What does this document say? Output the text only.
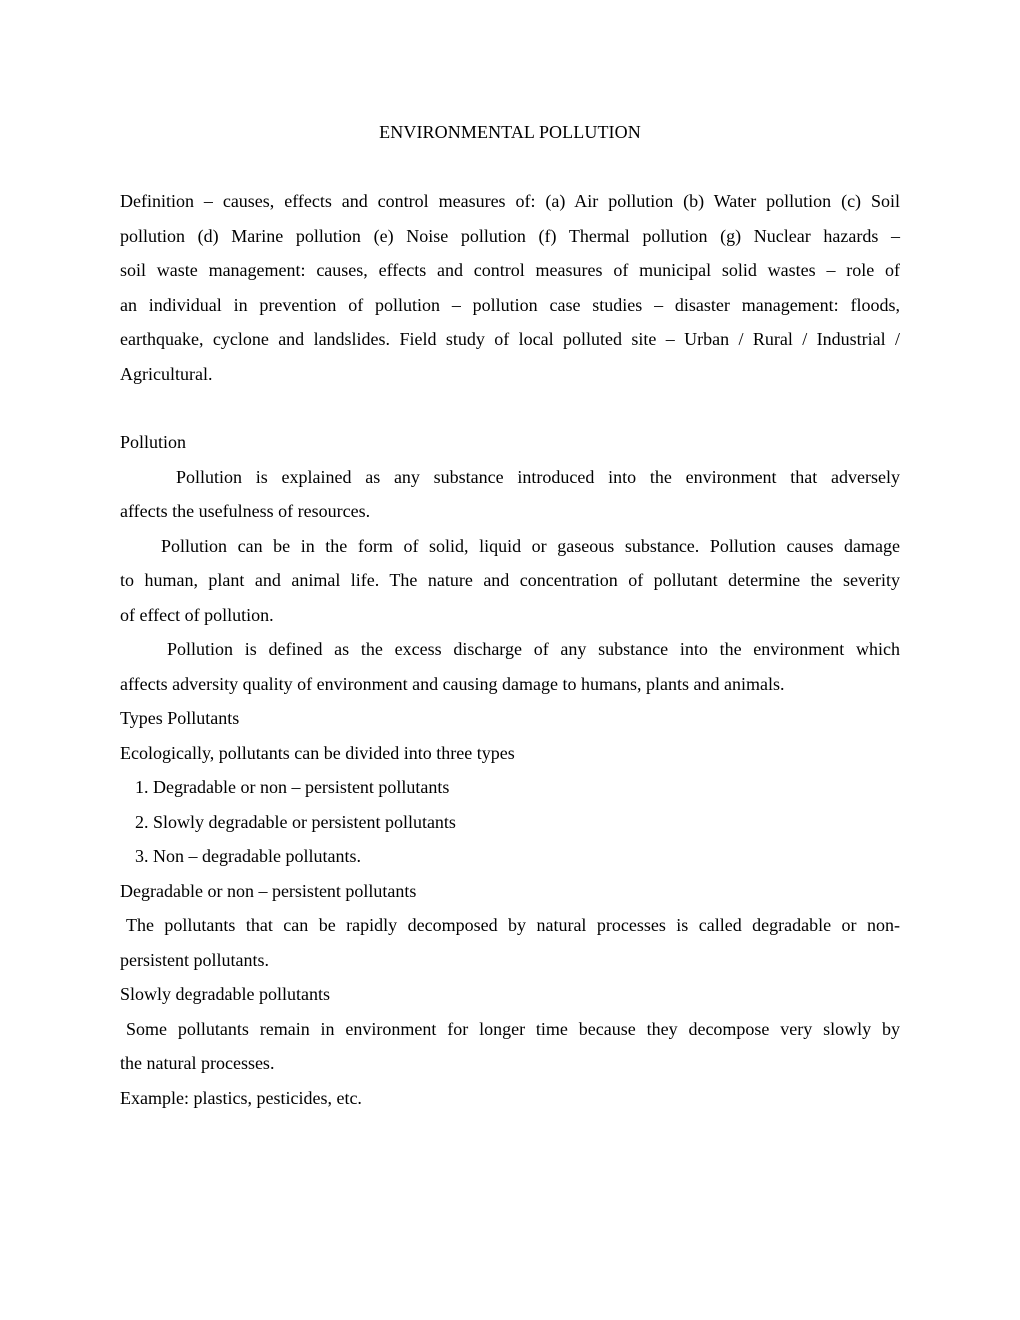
ENVIRONMENTAL POLLUTION
Definition – causes, effects and control measures of: (a) Air pollution (b) Water pollution (c) Soil
pollution (d) Marine pollution (e) Noise pollution (f) Thermal pollution (g) Nuclear hazards –
soil waste management: causes, effects and control measures of municipal solid wastes – role of
an individual in prevention of pollution – pollution case studies – disaster management: floods,
earthquake, cyclone and landslides. Field study of local polluted site – Urban / Rural / Industrial /
Agricultural.
Pollution
Pollution is explained as any substance introduced into the environment that adversely
affects the usefulness of resources.
Pollution can be in the form of solid, liquid or gaseous substance. Pollution causes damage
to human, plant and animal life. The nature and concentration of pollutant determine the severity
of effect of pollution.
Pollution is defined as the excess discharge of any substance into the environment which
affects adversity quality of environment and causing damage to humans, plants and animals.
Types Pollutants
Ecologically, pollutants can be divided into three types
1. Degradable or non – persistent pollutants
2. Slowly degradable or persistent pollutants
3. Non – degradable pollutants.
Degradable or non – persistent pollutants
The pollutants that can be rapidly decomposed by natural processes is called degradable or non-
persistent pollutants.
Slowly degradable pollutants
Some pollutants remain in environment for longer time because they decompose very slowly by
the natural processes.
Example: plastics, pesticides, etc.
